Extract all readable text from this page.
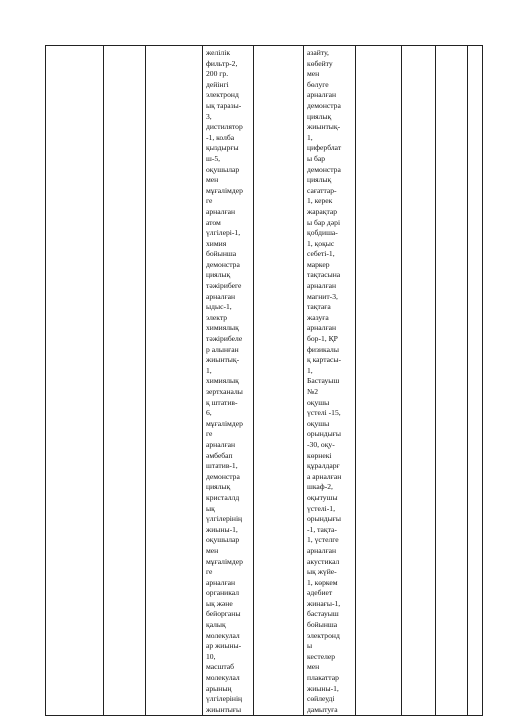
желілік
фильтр-2,
200 гр.
дейінгі
электронд
ық таразы-
3,
дистилятор
-1, колба
қыздырғы
ш-5,
оқушылар
мен
мұғалімдер
ге
арналған
атом
үлгілері-1,
химия
бойынша
демонстра
циялық
тәжірибеге
арналған
ыдыс-1,
электр
химиялық
тәжірибеле
р алынған
жиынтық-
1,
химиялық
зертханалы
қ штатив-
6,
мұғалімдер
ге
арналған
әмбебап
штатив-1,
демонстра
циялық
кристаллд
ық
үлгілерінің
жиыны-1,
оқушылар
мен
мұғалімдер
ге
арналған
органикал
ық және
бейорганы
қалық
молекулал
ар жиыны-
10,
масштаб
молекулал
арының
үлгілерінің
жиынтығы

азайту,
көбейту
мен
бөлуге
арналған
демонстра
циялық
жиынтық-
1,
циферблат
ы бар
демонстра
циялық
сағаттар-
1, керек
жарақтар
ы бар дәрі
қобдиша-
1, қоқыс
себеті-1,
маркер
тақтасына
арналған
магнит-3,
тақтаға
жазуға
арналған
бор-1, ҚР
физикалы
қ картасы-
1,
Бастауыш
№2
оқушы
үстелі -15,
оқушы
орындығы
-30, оқу-
көрнекі
құралдарғ
а арналған
шкаф-2,
оқытушы
үстелі-1,
орындығы
-1, тақта-
1, үстелге
арналған
акустикал
ық жүйе-
1, көркем
әдебиет
жинағы-1,
бастауыш
бойынша
электронд
ы
кестелер
мен
плакаттар
жиыны-1,
сөйлеуді
дамытуға
